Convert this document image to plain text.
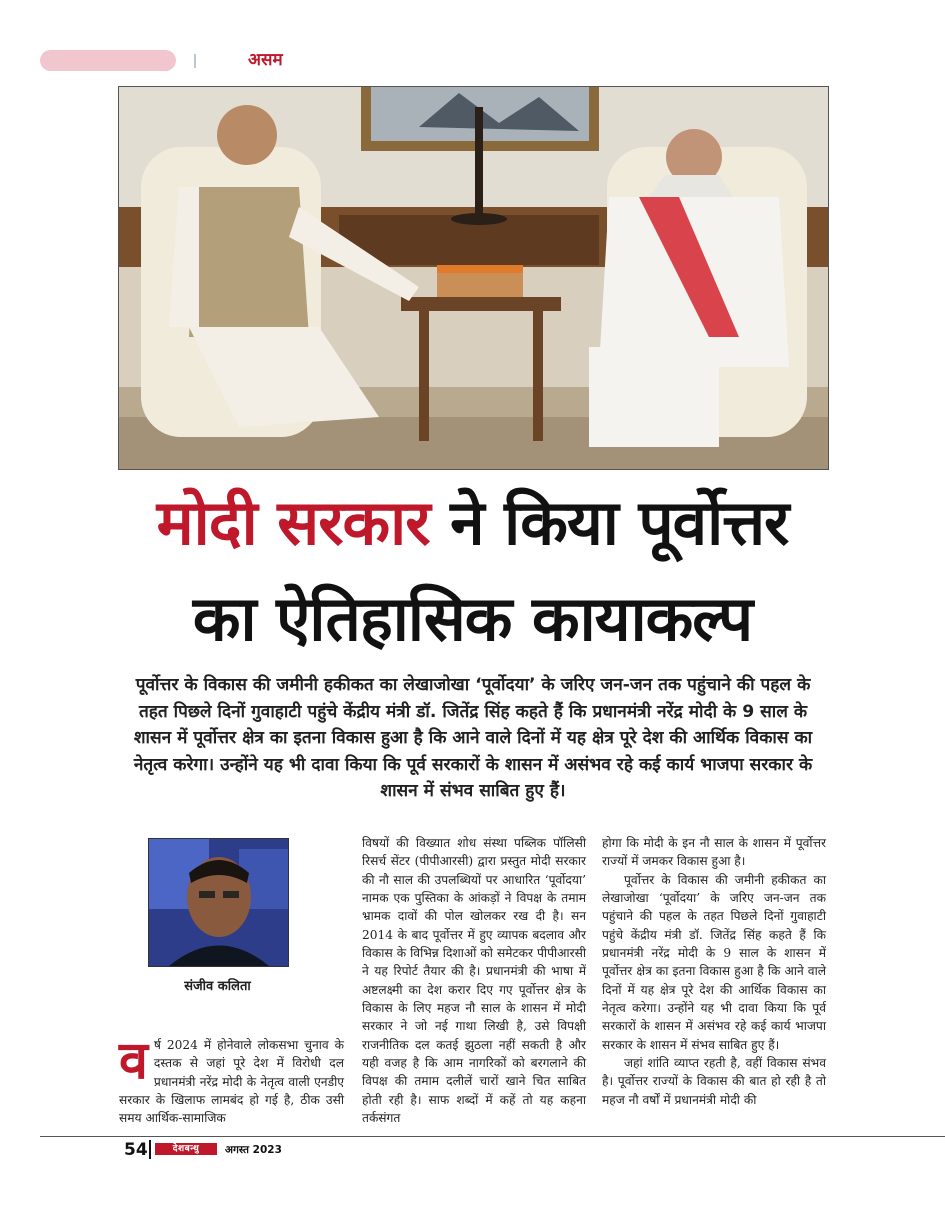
असम
मोदी सरकार ने किया पूर्वोत्तर
का ऐतिहासिक कायाकल्प
पूर्वोत्तर के विकास की जमीनी हकीकत का लेखाजोखा ‘पूर्वोदया’ के जरिए जन-जन तक पहुंचाने की पहल के तहत पिछले दिनों गुवाहाटी पहुंचे केंद्रीय मंत्री डॉ. जितेंद्र सिंह कहते हैं कि प्रधानमंत्री नरेंद्र मोदी के 9 साल के शासन में पूर्वोत्तर क्षेत्र का इतना विकास हुआ है कि आने वाले दिनों में यह क्षेत्र पूरे देश की आर्थिक विकास का नेतृत्व करेगा। उन्होंने यह भी दावा किया कि पूर्व सरकारों के शासन में असंभव रहे कई कार्य भाजपा सरकार के शासन में संभव साबित हुए हैं।
संजीव कलिता
वर्ष 2024 में होनेवाले लोकसभा चुनाव के दस्तक से जहां पूरे देश में विरोधी दल प्रधानमंत्री नरेंद्र मोदी के नेतृत्व वाली एनडीए सरकार के खिलाफ लामबंद हो गई है, ठीक उसी समय आर्थिक-सामाजिक

विषयों की विख्यात शोध संस्था पब्लिक पॉलिसी रिसर्च सेंटर (पीपीआरसी) द्वारा प्रस्तुत मोदी सरकार की नौ साल की उपलब्धियों पर आधारित ‘पूर्वोदया’ नामक एक पुस्तिका के आंकड़ों ने विपक्ष के तमाम भ्रामक दावों की पोल खोलकर रख दी है। सन 2014 के बाद पूर्वोत्तर में हुए व्यापक बदलाव और विकास के विभिन्न दिशाओं को समेटकर पीपीआरसी ने यह रिपोर्ट तैयार की है। प्रधानमंत्री की भाषा में अष्टलक्ष्मी का देश करार दिए गए पूर्वोत्तर क्षेत्र के विकास के लिए महज नौ साल के शासन में मोदी सरकार ने जो नई गाथा लिखी है, उसे विपक्षी राजनीतिक दल कतई झुठला नहीं सकती है और यही वजह है कि आम नागरिकों को बरगलाने की विपक्ष की तमाम दलीलें चारों खाने चित साबित होती रही है। साफ शब्दों में कहें तो यह कहना तर्कसंगत

होगा कि मोदी के इन नौ साल के शासन में पूर्वोत्तर राज्यों में जमकर विकास हुआ है।

पूर्वोत्तर के विकास की जमीनी हकीकत का लेखाजोखा ‘पूर्वोदया’ के जरिए जन-जन तक पहुंचाने की पहल के तहत पिछले दिनों गुवाहाटी पहुंचे केंद्रीय मंत्री डॉ. जितेंद्र सिंह कहते हैं कि प्रधानमंत्री नरेंद्र मोदी के 9 साल के शासन में पूर्वोत्तर क्षेत्र का इतना विकास हुआ है कि आने वाले दिनों में यह क्षेत्र पूरे देश की आर्थिक विकास का नेतृत्व करेगा। उन्होंने यह भी दावा किया कि पूर्व सरकारों के शासन में असंभव रहे कई कार्य भाजपा सरकार के शासन में संभव साबित हुए हैं।

जहां शांति व्याप्त रहती है, वहीं विकास संभव है। पूर्वोत्तर राज्यों के विकास की बात हो रही है तो महज नौ वर्षों में प्रधानमंत्री मोदी की

54	देशबन्धु	अगस्त 2023
